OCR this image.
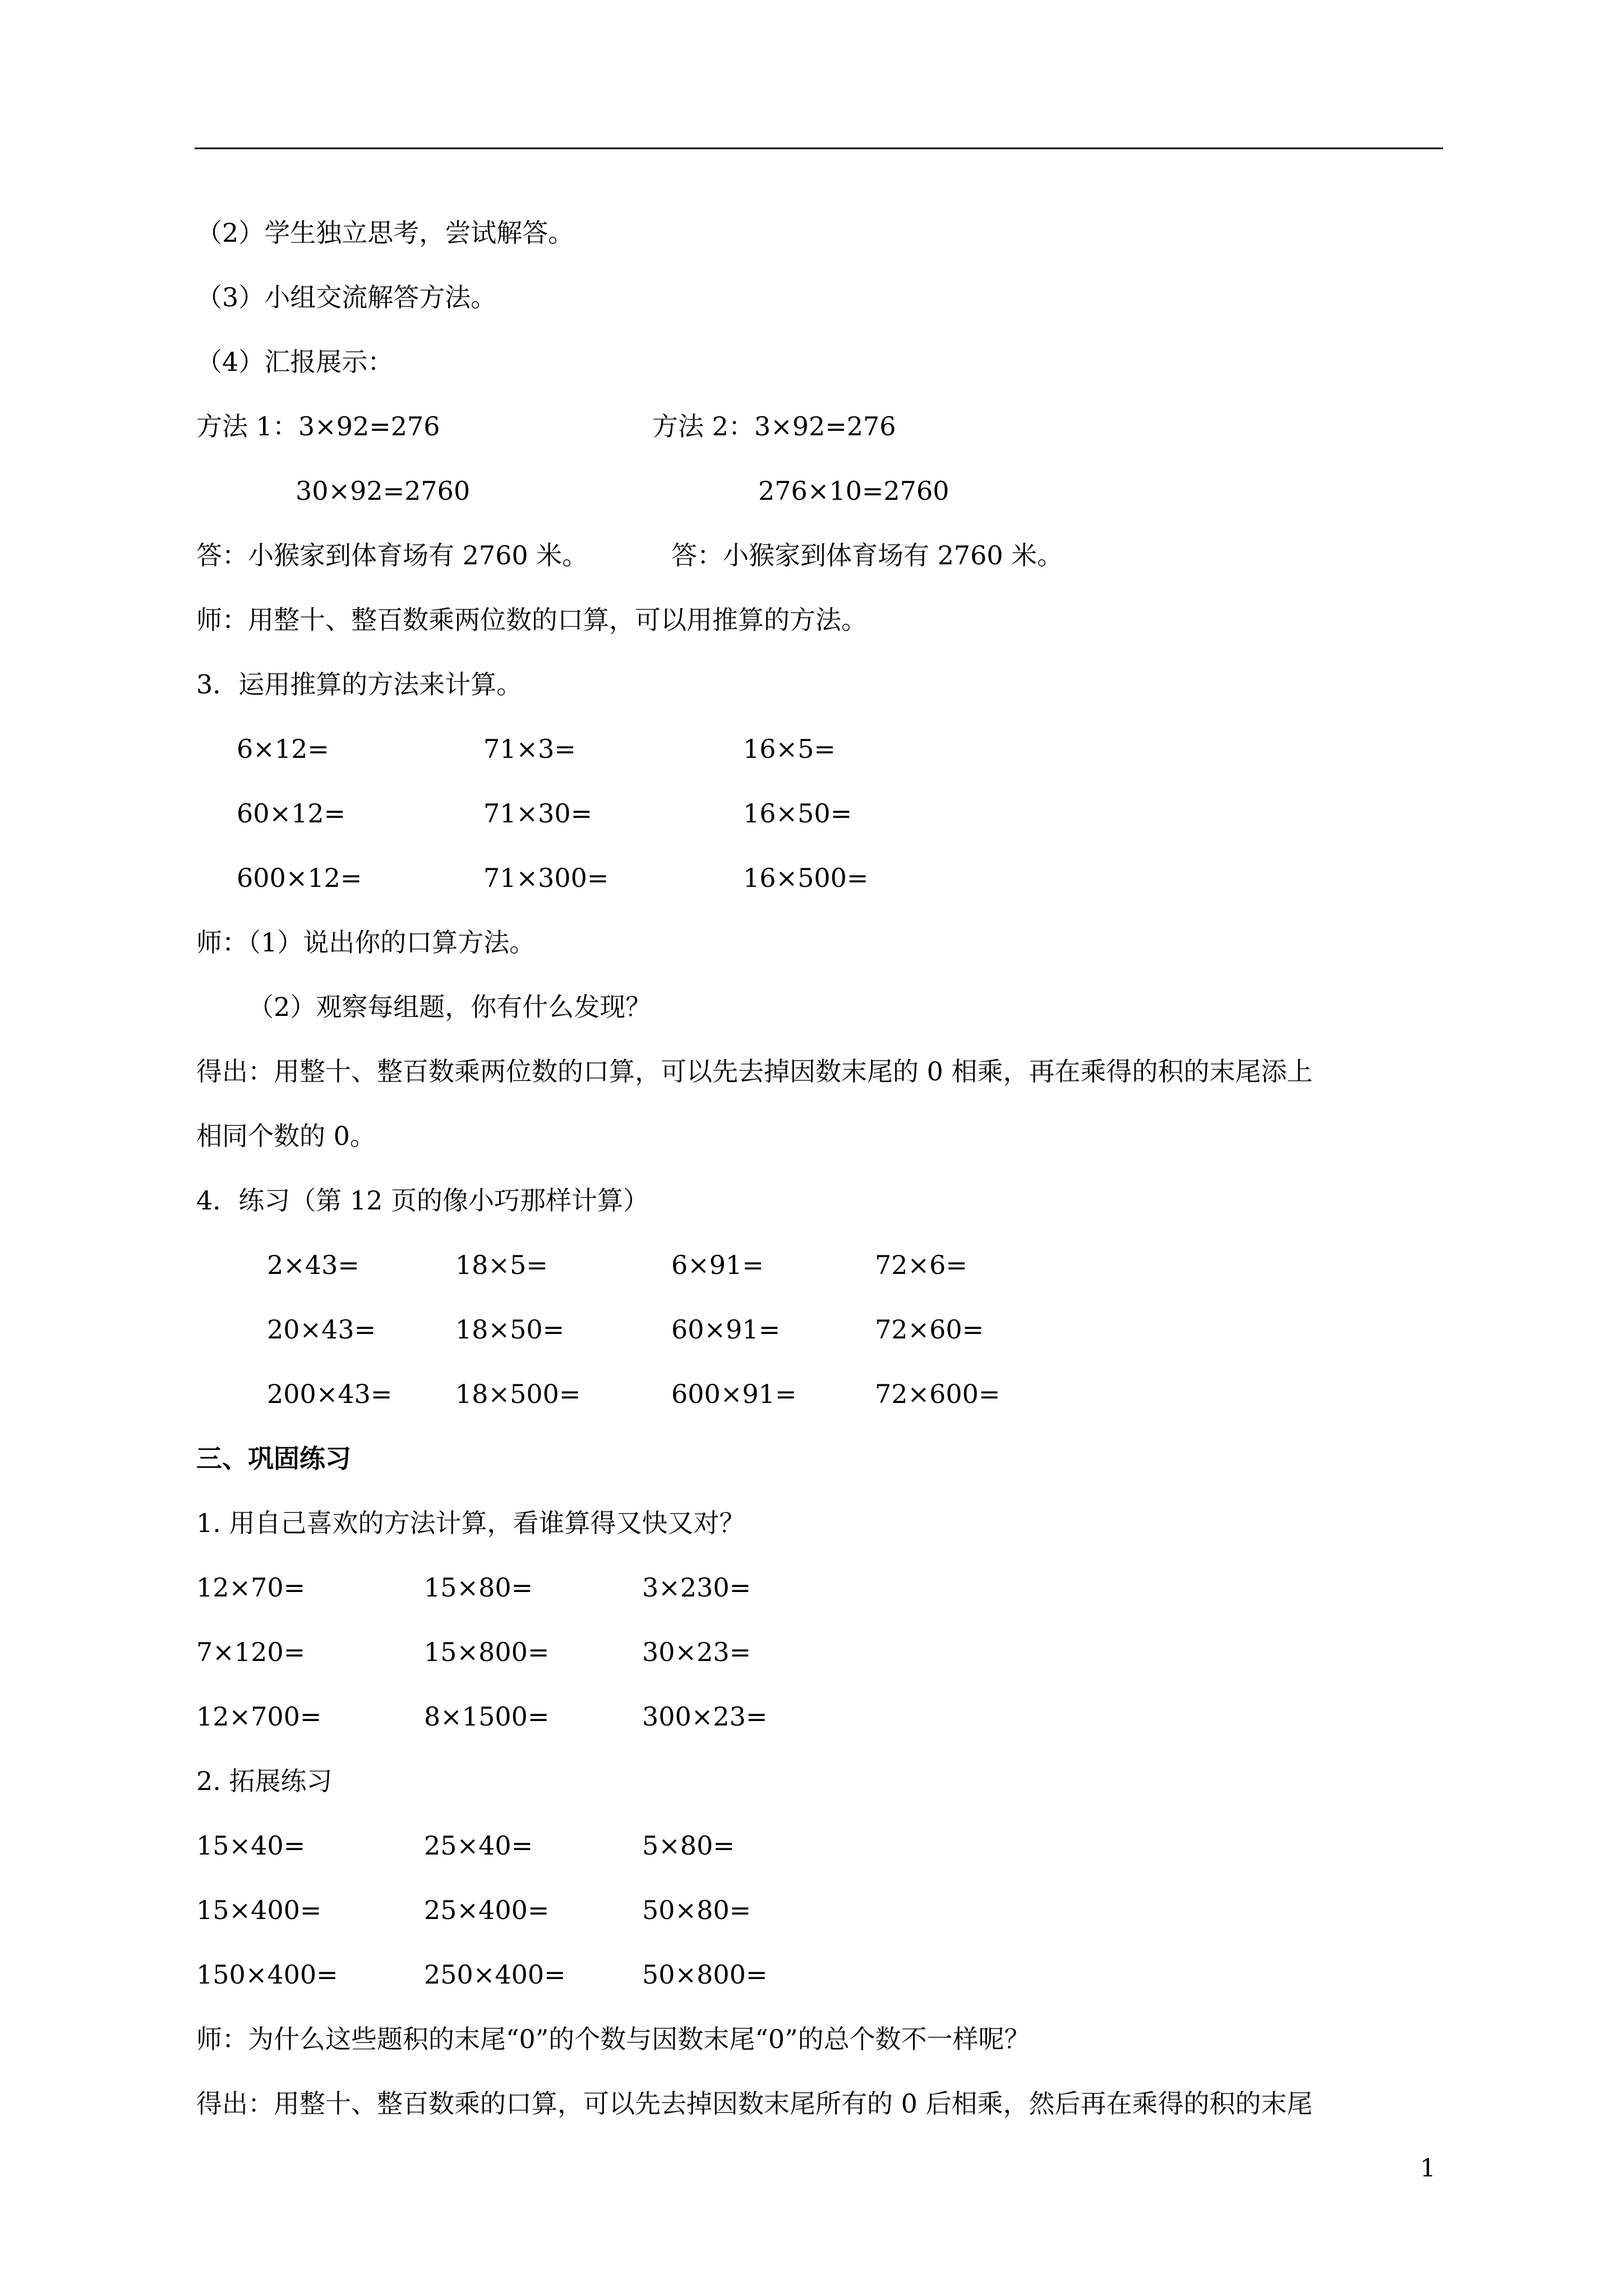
（2）学生独立思考，尝试解答。
（3）小组交流解答方法。
（4）汇报展示：
方法 1：3×92=276	方法 2：3×92=276
30×92=2760	276×10=2760
答：小猴家到体育场有 2760 米。	答：小猴家到体育场有 2760 米。
师：用整十、整百数乘两位数的口算，可以用推算的方法。
3．运用推算的方法来计算。
6×12=	71×3=	16×5=
60×12=	71×30=	16×50=
600×12=	71×300=	16×500=
师：（1）说出你的口算方法。
（2）观察每组题，你有什么发现？
得出：用整十、整百数乘两位数的口算，可以先去掉因数末尾的 0 相乘，再在乘得的积的末尾添上
相同个数的 0。
4．练习（第 12 页的像小巧那样计算）
2×43=	18×5=	6×91=	72×6=
20×43=	18×50=	60×91=	72×60=
200×43= 18×500=	600×91=	72×600=
三、巩固练习
1. 用自己喜欢的方法计算，看谁算得又快又对？
12×70=	15×80=	3×230=
7×120=	15×800=	30×23=
12×700=	8×1500=	300×23=
2. 拓展练习
15×40=	25×40=	5×80=
15×400=	25×400=	50×80=
150×400=	250×400=	50×800=
师：为什么这些题积的末尾“0”的个数与因数末尾“0”的总个数不一样呢？
得出：用整十、整百数乘的口算，可以先去掉因数末尾所有的 0 后相乘，然后再在乘得的积的末尾
1
